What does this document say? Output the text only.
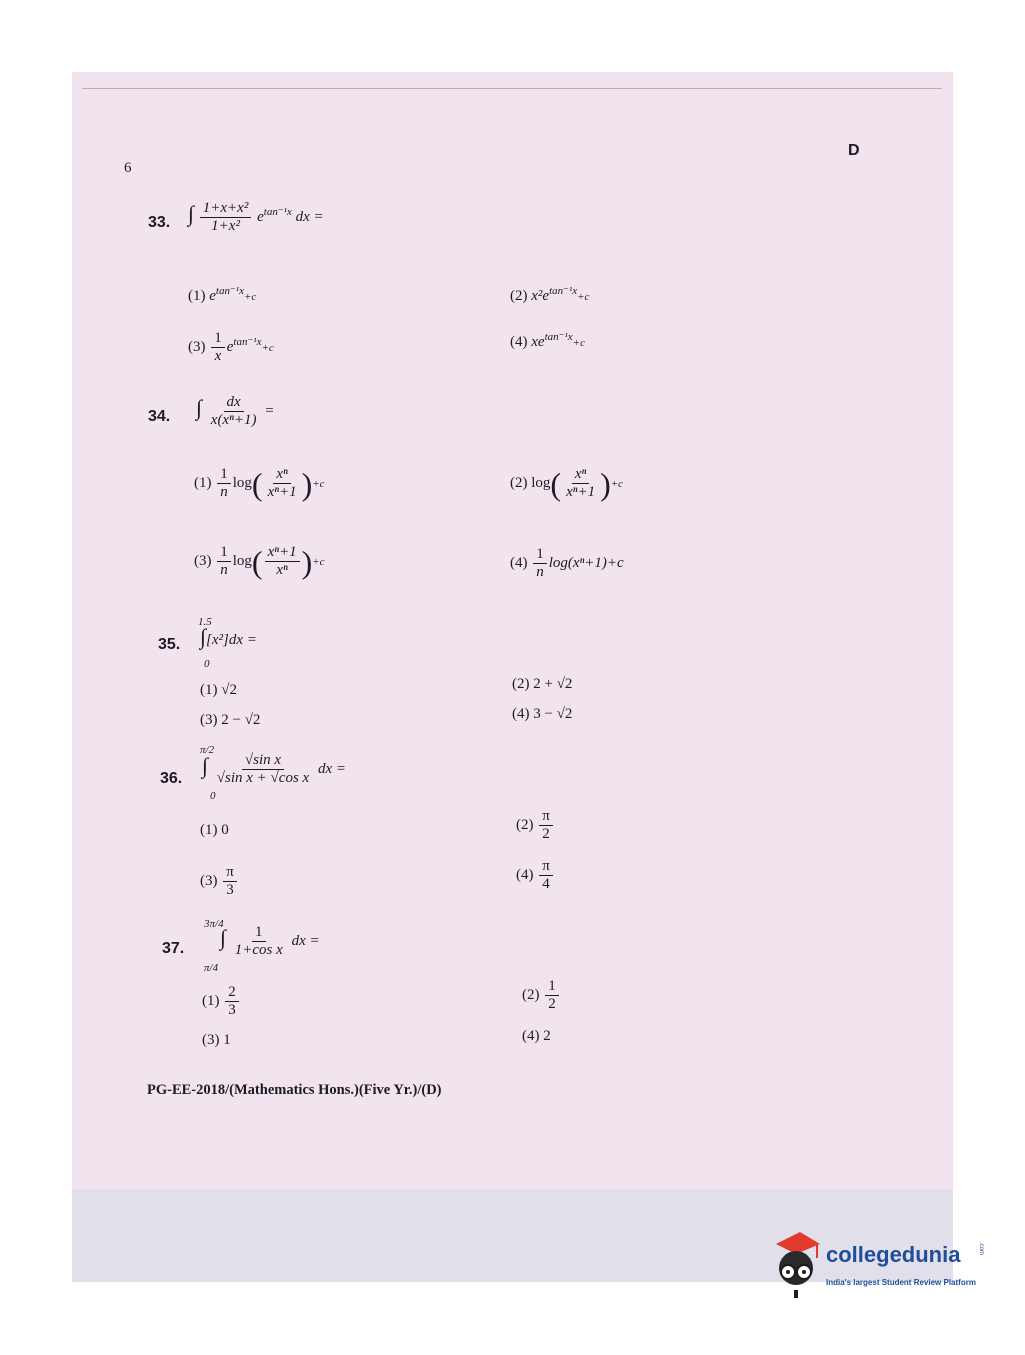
6
D
33. ∫ $\frac{\text{1+x+x²}}{\text{1+x²}} e^{tan^{-1}x}$ dx =
(1) $e^{tan^{-1}x}+c$	(2) $x^2e^{tan^{-1}x}+c$
$(3) \frac{1}{x} e^{tan^{-1}x}+c$	(4) $xe^{tan^{-1}x}+c$
34. ∫ $\frac{dx}{\text{x(xⁿ+1)}}$ =
$(1) \frac{1}{n} \log( \frac{\text{xⁿ}}{\text{xⁿ+1}} )+c$	(2) $\log( \frac{\text{xⁿ}}{\text{xⁿ+1}} )+c$
$(3) \frac{1}{n} \log( \frac{\text{xⁿ+1}}{\text{xⁿ}} )+c$	$(4) \frac{1}{n} \log(x^n+1)+c$
35.
1.5
0
∫[x²]dx =
(1) √2	(2) 2 + √2
(3) 2 − √2	(4) 3 − √2
36.
π/2
0
∫ $\frac{\text{√sin x}}{\text{√sin x + √cos x}}$ dx =
(1) 0	$(2) \frac{\pi}{2}$
$(3) \frac{\pi}{3}$	$(4) \frac{\pi}{4}$
37.
3π/4
π/4
∫ $\frac{1}{\text{1+cos x}}$ dx =
$(1) \frac{2}{3}$	$(2) \frac{1}{2}$
(3) 1	(4) 2
PG-EE-2018/(Mathematics Hons.)(Five Yr.)/(D)
collegedunia	.com
India's largest Student Review Platform
